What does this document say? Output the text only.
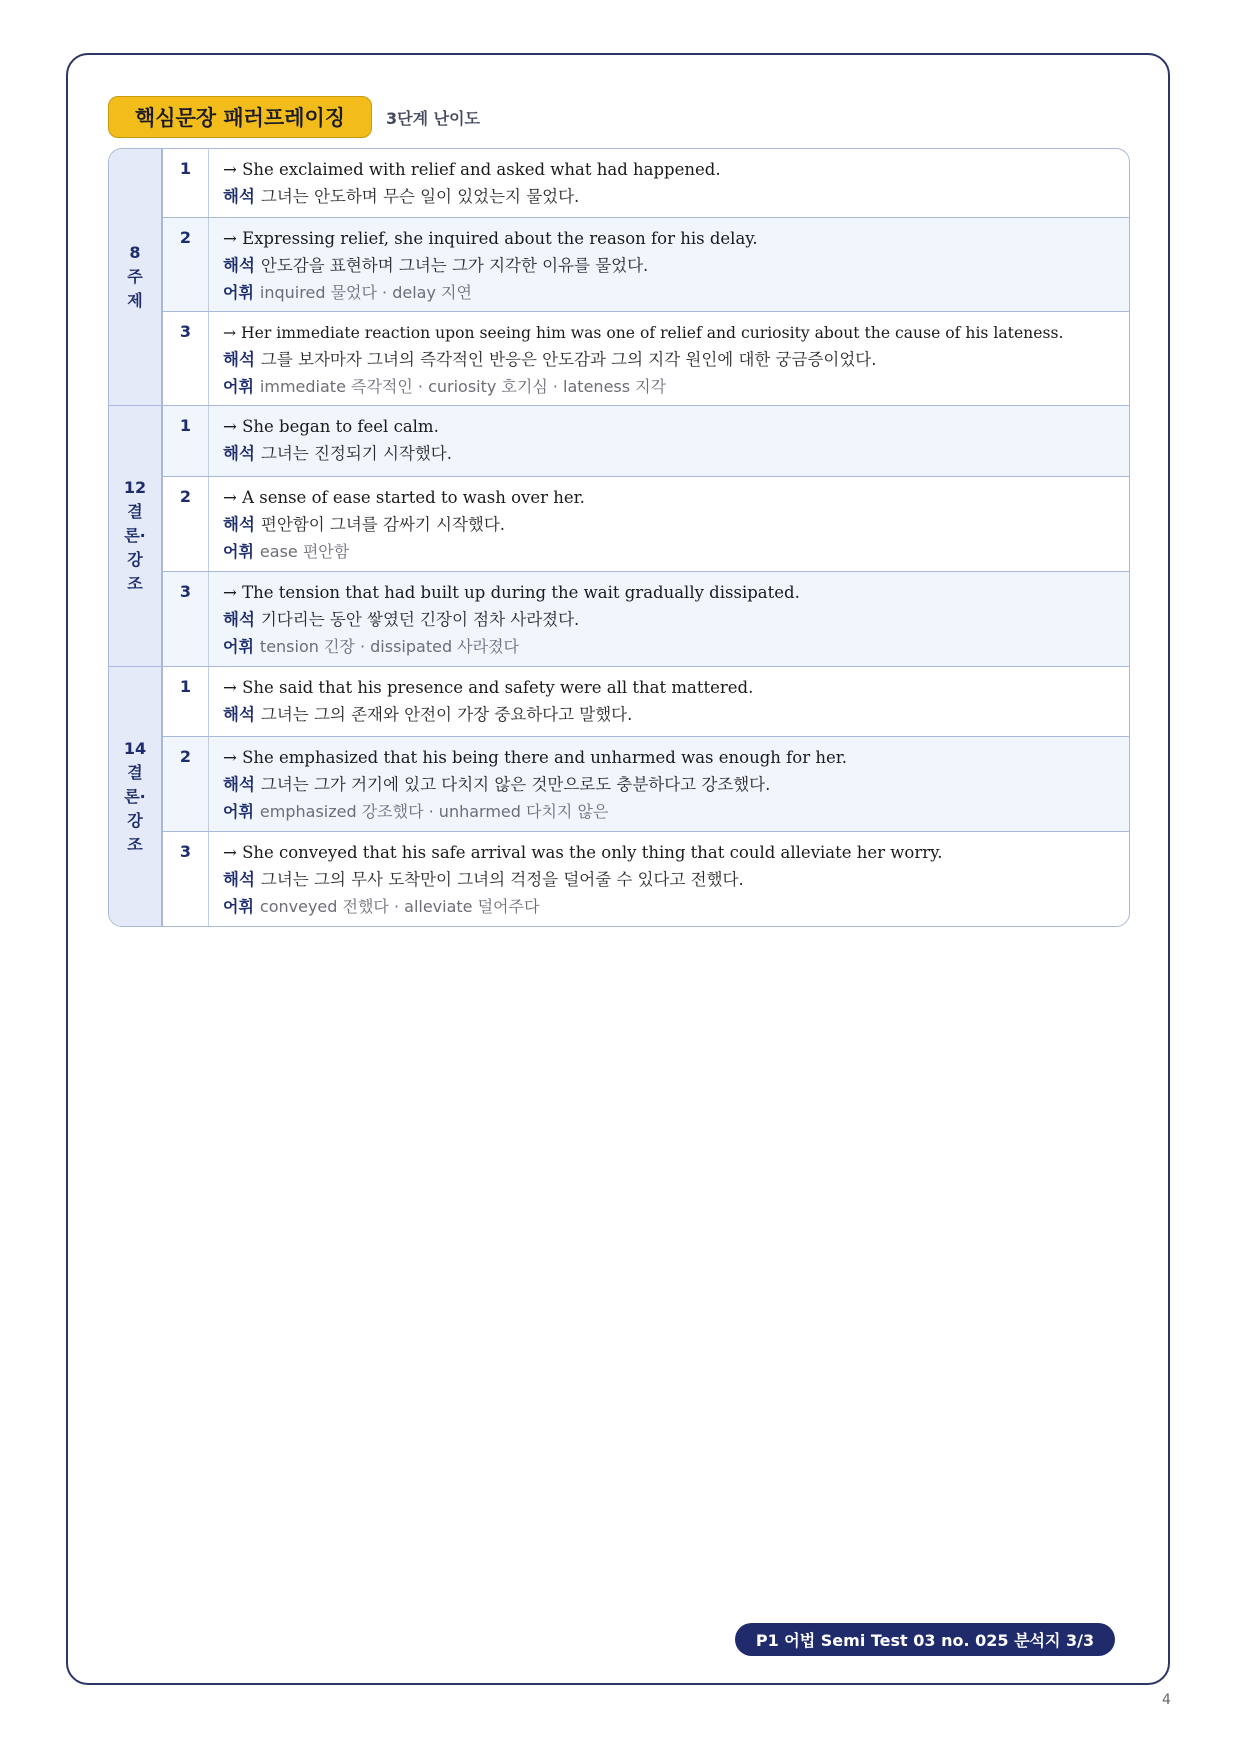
핵심문장 패러프레이징	3단계 난이도
8
주
제
1	→ She exclaimed with relief and asked what had happened.
해석 그녀는 안도하며 무슨 일이 있었는지 물었다.
2	→ Expressing relief, she inquired about the reason for his delay.
해석 안도감을 표현하며 그녀는 그가 지각한 이유를 물었다.
어휘 inquired 물었다 · delay 지연
3	→ Her immediate reaction upon seeing him was one of relief and curiosity about the cause of his lateness.
해석 그를 보자마자 그녀의 즉각적인 반응은 안도감과 그의 지각 원인에 대한 궁금증이었다.
어휘 immediate 즉각적인 · curiosity 호기심 · lateness 지각
12
결
론·
강
조
1	→ She began to feel calm.
해석 그녀는 진정되기 시작했다.
2	→ A sense of ease started to wash over her.
해석 편안함이 그녀를 감싸기 시작했다.
어휘 ease 편안함
3	→ The tension that had built up during the wait gradually dissipated.
해석 기다리는 동안 쌓였던 긴장이 점차 사라졌다.
어휘 tension 긴장 · dissipated 사라졌다
14
결
론·
강
조
1	→ She said that his presence and safety were all that mattered.
해석 그녀는 그의 존재와 안전이 가장 중요하다고 말했다.
2	→ She emphasized that his being there and unharmed was enough for her.
해석 그녀는 그가 거기에 있고 다치지 않은 것만으로도 충분하다고 강조했다.
어휘 emphasized 강조했다 · unharmed 다치지 않은
3	→ She conveyed that his safe arrival was the only thing that could alleviate her worry.
해석 그녀는 그의 무사 도착만이 그녀의 걱정을 덜어줄 수 있다고 전했다.
어휘 conveyed 전했다 · alleviate 덜어주다
P1 어법 Semi Test 03 no. 025 분석지 3/3
4
